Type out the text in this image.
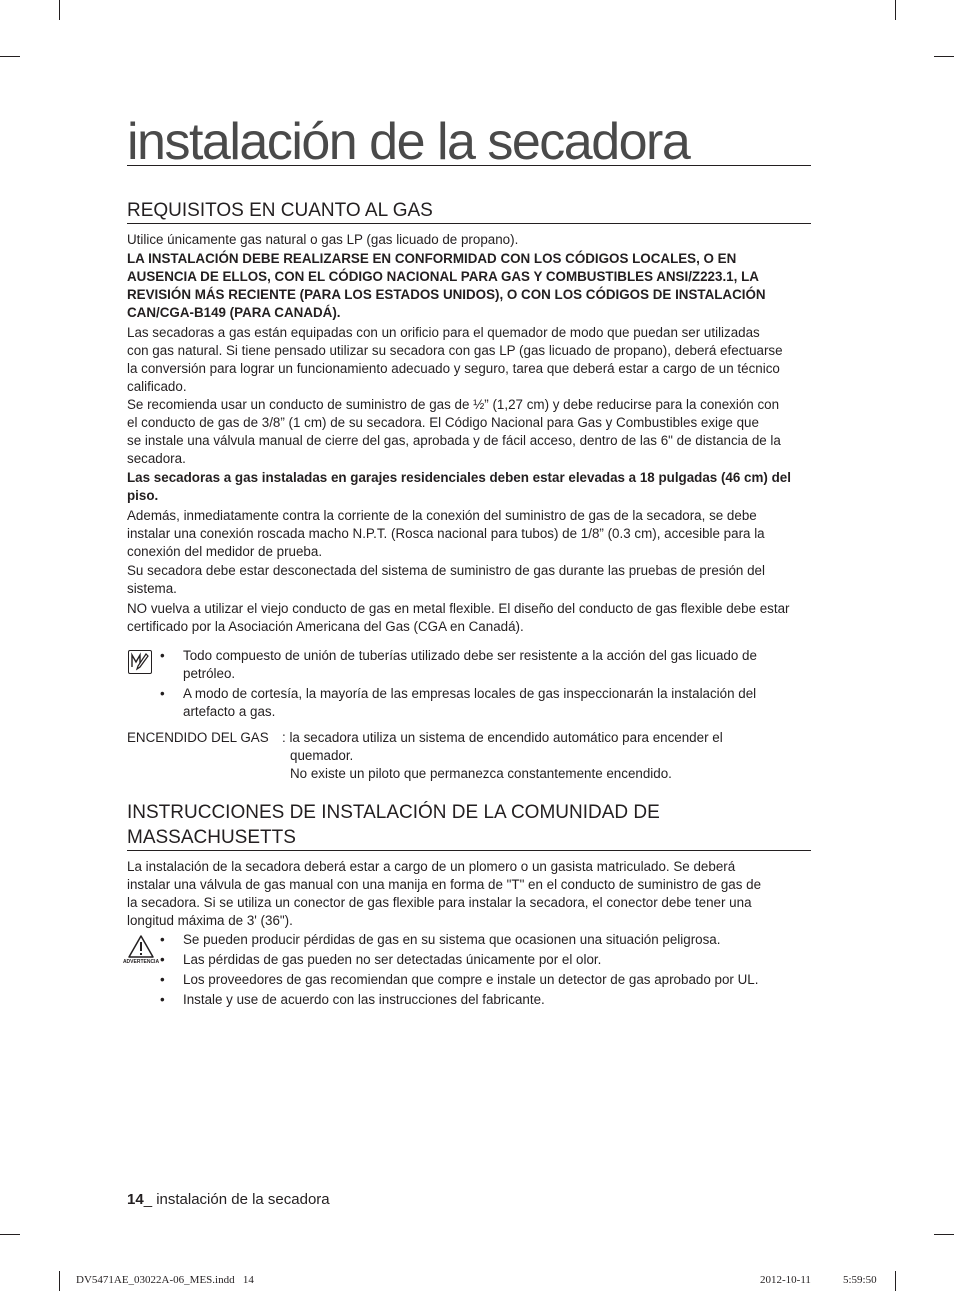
instalación de la secadora
REQUISITOS EN CUANTO AL GAS

Utilice únicamente gas natural o gas LP (gas licuado de propano).

LA INSTALACIÓN DEBE REALIZARSE EN CONFORMIDAD CON LOS CÓDIGOS LOCALES, O EN
AUSENCIA DE ELLOS, CON EL CÓDIGO NACIONAL PARA GAS Y COMBUSTIBLES ANSI/Z223.1, LA
REVISIÓN MÁS RECIENTE (PARA LOS ESTADOS UNIDOS), O CON LOS CÓDIGOS DE INSTALACIÓN
CAN/CGA-B149 (PARA CANADÁ).
Las secadoras a gas están equipadas con un orificio para el quemador de modo que puedan ser utilizadas
con gas natural. Si tiene pensado utilizar su secadora con gas LP (gas licuado de propano), deberá efectuarse
la conversión para lograr un funcionamiento adecuado y seguro, tarea que deberá estar a cargo de un técnico
calificado.
Se recomienda usar un conducto de suministro de gas de ½” (1,27 cm) y debe reducirse para la conexión con
el conducto de gas de 3/8” (1 cm) de su secadora. El Código Nacional para Gas y Combustibles exige que
se instale una válvula manual de cierre del gas, aprobada y de fácil acceso, dentro de las 6" de distancia de la
secadora.
Las secadoras a gas instaladas en garajes residenciales deben estar elevadas a 18 pulgadas (46 cm) del
piso.
Además, inmediatamente contra la corriente de la conexión del suministro de gas de la secadora, se debe
instalar una conexión roscada macho N.P.T. (Rosca nacional para tubos) de 1/8” (0.3 cm), accesible para la
conexión del medidor de prueba.
Su secadora debe estar desconectada del sistema de suministro de gas durante las pruebas de presión del
sistema.
NO vuelva a utilizar el viejo conducto de gas en metal flexible. El diseño del conducto de gas flexible debe estar
certificado por la Asociación Americana del Gas (CGA en Canadá).
• Todo compuesto de unión de tuberías utilizado debe ser resistente a la acción del gas licuado de
petróleo.
• A modo de cortesía, la mayoría de las empresas locales de gas inspeccionarán la instalación del
artefacto a gas.
ENCENDIDO DEL GAS : la secadora utiliza un sistema de encendido automático para encender el
quemador.
No existe un piloto que permanezca constantemente encendido.
INSTRUCCIONES DE INSTALACIÓN DE LA COMUNIDAD DE
MASSACHUSETTS
La instalación de la secadora deberá estar a cargo de un plomero o un gasista matriculado. Se deberá
instalar una válvula de gas manual con una manija en forma de "T" en el conducto de suministro de gas de
la secadora. Si se utiliza un conector de gas flexible para instalar la secadora, el conector debe tener una
longitud máxima de 3' (36").
ADVERTENCIA
• Se pueden producir pérdidas de gas en su sistema que ocasionen una situación peligrosa.
• Las pérdidas de gas pueden no ser detectadas únicamente por el olor.
• Los proveedores de gas recomiendan que compre e instale un detector de gas aprobado por UL.
• Instale y use de acuerdo con las instrucciones del fabricante.
14_ instalación de la secadora
DV5471AE_03022A-06_MES.indd   14	2012-10-11	5:59:50
